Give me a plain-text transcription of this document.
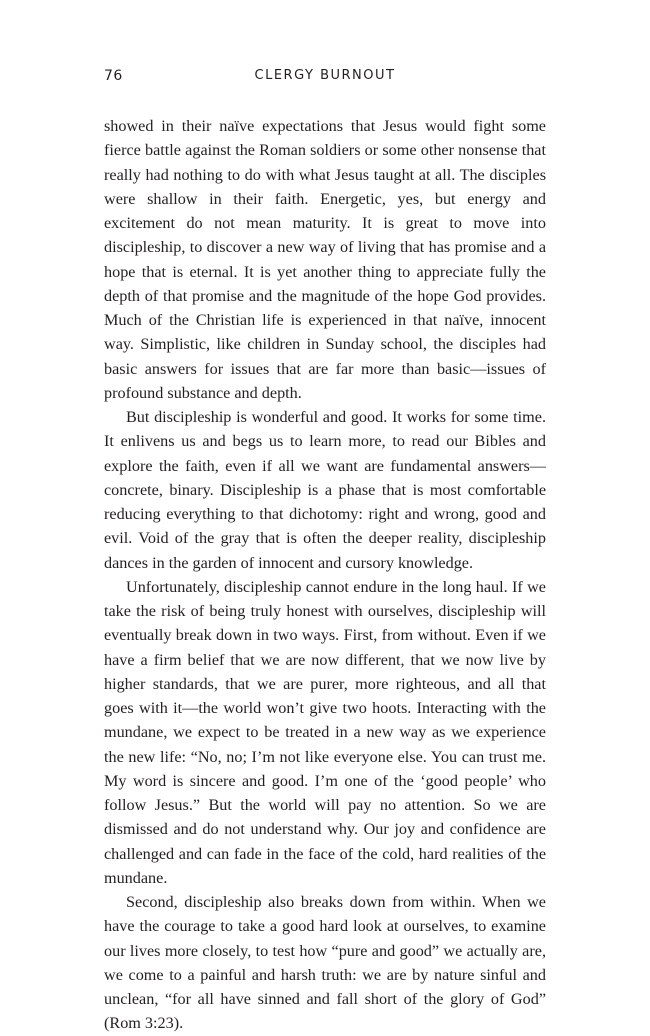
76	CLERGY BURNOUT

showed in their naïve expectations that Jesus would fight some fierce battle against the Roman soldiers or some other nonsense that really had nothing to do with what Jesus taught at all. The disciples were shallow in their faith. Energetic, yes, but energy and excitement do not mean maturity. It is great to move into discipleship, to discover a new way of living that has promise and a hope that is eternal. It is yet another thing to appreciate fully the depth of that promise and the magnitude of the hope God provides. Much of the Christian life is experienced in that naïve, innocent way. Simplistic, like children in Sunday school, the disciples had basic answers for issues that are far more than basic—issues of profound substance and depth.

But discipleship is wonderful and good. It works for some time. It enlivens us and begs us to learn more, to read our Bibles and explore the faith, even if all we want are fundamental answers—concrete, binary. Discipleship is a phase that is most comfortable reducing everything to that dichotomy: right and wrong, good and evil. Void of the gray that is often the deeper reality, discipleship dances in the garden of innocent and cursory knowledge.

Unfortunately, discipleship cannot endure in the long haul. If we take the risk of being truly honest with ourselves, discipleship will eventually break down in two ways. First, from without. Even if we have a firm belief that we are now different, that we now live by higher standards, that we are purer, more righteous, and all that goes with it—the world won’t give two hoots. Interacting with the mundane, we expect to be treated in a new way as we experience the new life: “No, no; I’m not like everyone else. You can trust me. My word is sincere and good. I’m one of the ‘good people’ who follow Jesus.” But the world will pay no attention. So we are dismissed and do not understand why. Our joy and confidence are challenged and can fade in the face of the cold, hard realities of the mundane.

Second, discipleship also breaks down from within. When we have the courage to take a good hard look at ourselves, to examine our lives more closely, to test how “pure and good” we actually are, we come to a painful and harsh truth: we are by nature sinful and unclean, “for all have sinned and fall short of the glory of God” (Rom 3:23).
